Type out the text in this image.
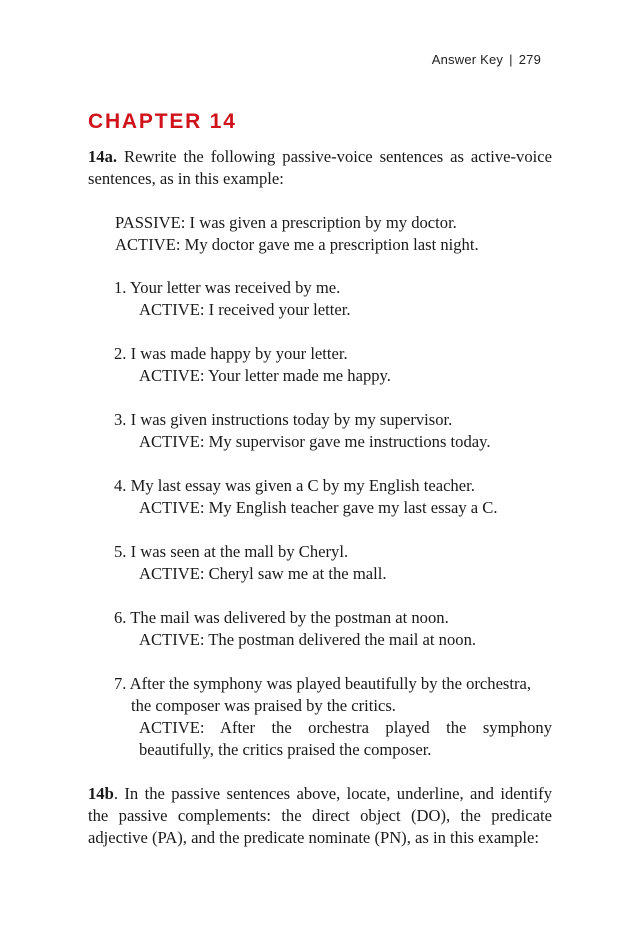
Answer Key | 279
CHAPTER 14

14a. Rewrite the following passive-voice sentences as active-voice sentences, as in this example:

PASSIVE: I was given a prescription by my doctor.
ACTIVE: My doctor gave me a prescription last night.
1. Your letter was received by me.
ACTIVE: I received your letter.
2. I was made happy by your letter.
ACTIVE: Your letter made me happy.
3. I was given instructions today by my supervisor.
ACTIVE: My supervisor gave me instructions today.
4. My last essay was given a C by my English teacher.
ACTIVE: My English teacher gave my last essay a C.
5. I was seen at the mall by Cheryl.
ACTIVE: Cheryl saw me at the mall.
6. The mail was delivered by the postman at noon.
ACTIVE: The postman delivered the mail at noon.
7. After the symphony was played beautifully by the orchestra, the composer was praised by the critics.
ACTIVE: After the orchestra played the symphony beautifully, the critics praised the composer.

14b. In the passive sentences above, locate, underline, and identify the passive complements: the direct object (DO), the predicate adjective (PA), and the predicate nominate (PN), as in this example:
